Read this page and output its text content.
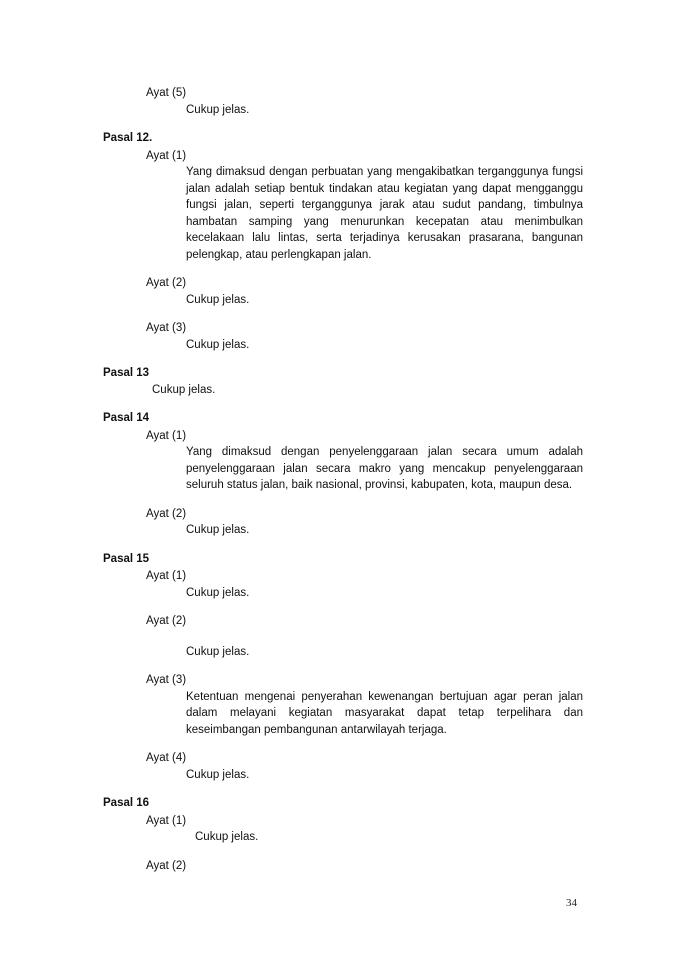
Ayat (5)
Cukup jelas.
Pasal 12.
Ayat (1)
Yang dimaksud dengan perbuatan yang mengakibatkan terganggunya fungsi jalan adalah setiap bentuk tindakan atau kegiatan yang dapat mengganggu fungsi jalan, seperti terganggunya jarak atau sudut pandang, timbulnya hambatan samping yang menurunkan kecepatan atau menimbulkan kecelakaan lalu lintas, serta terjadinya kerusakan prasarana, bangunan pelengkap, atau perlengkapan jalan.
Ayat (2)
Cukup jelas.
Ayat (3)
Cukup jelas.
Pasal 13
Cukup jelas.
Pasal 14
Ayat (1)
Yang dimaksud dengan penyelenggaraan jalan secara umum adalah penyelenggaraan jalan secara makro yang mencakup penyelenggaraan seluruh status jalan, baik nasional, provinsi, kabupaten, kota, maupun desa.
Ayat (2)
Cukup jelas.
Pasal 15
Ayat (1)
Cukup jelas.
Ayat (2)
Cukup jelas.
Ayat (3)
Ketentuan mengenai penyerahan kewenangan bertujuan agar peran jalan dalam melayani kegiatan masyarakat dapat tetap terpelihara dan keseimbangan pembangunan antarwilayah terjaga.
Ayat (4)
Cukup jelas.
Pasal 16
Ayat (1)
Cukup jelas.
Ayat (2)
34
